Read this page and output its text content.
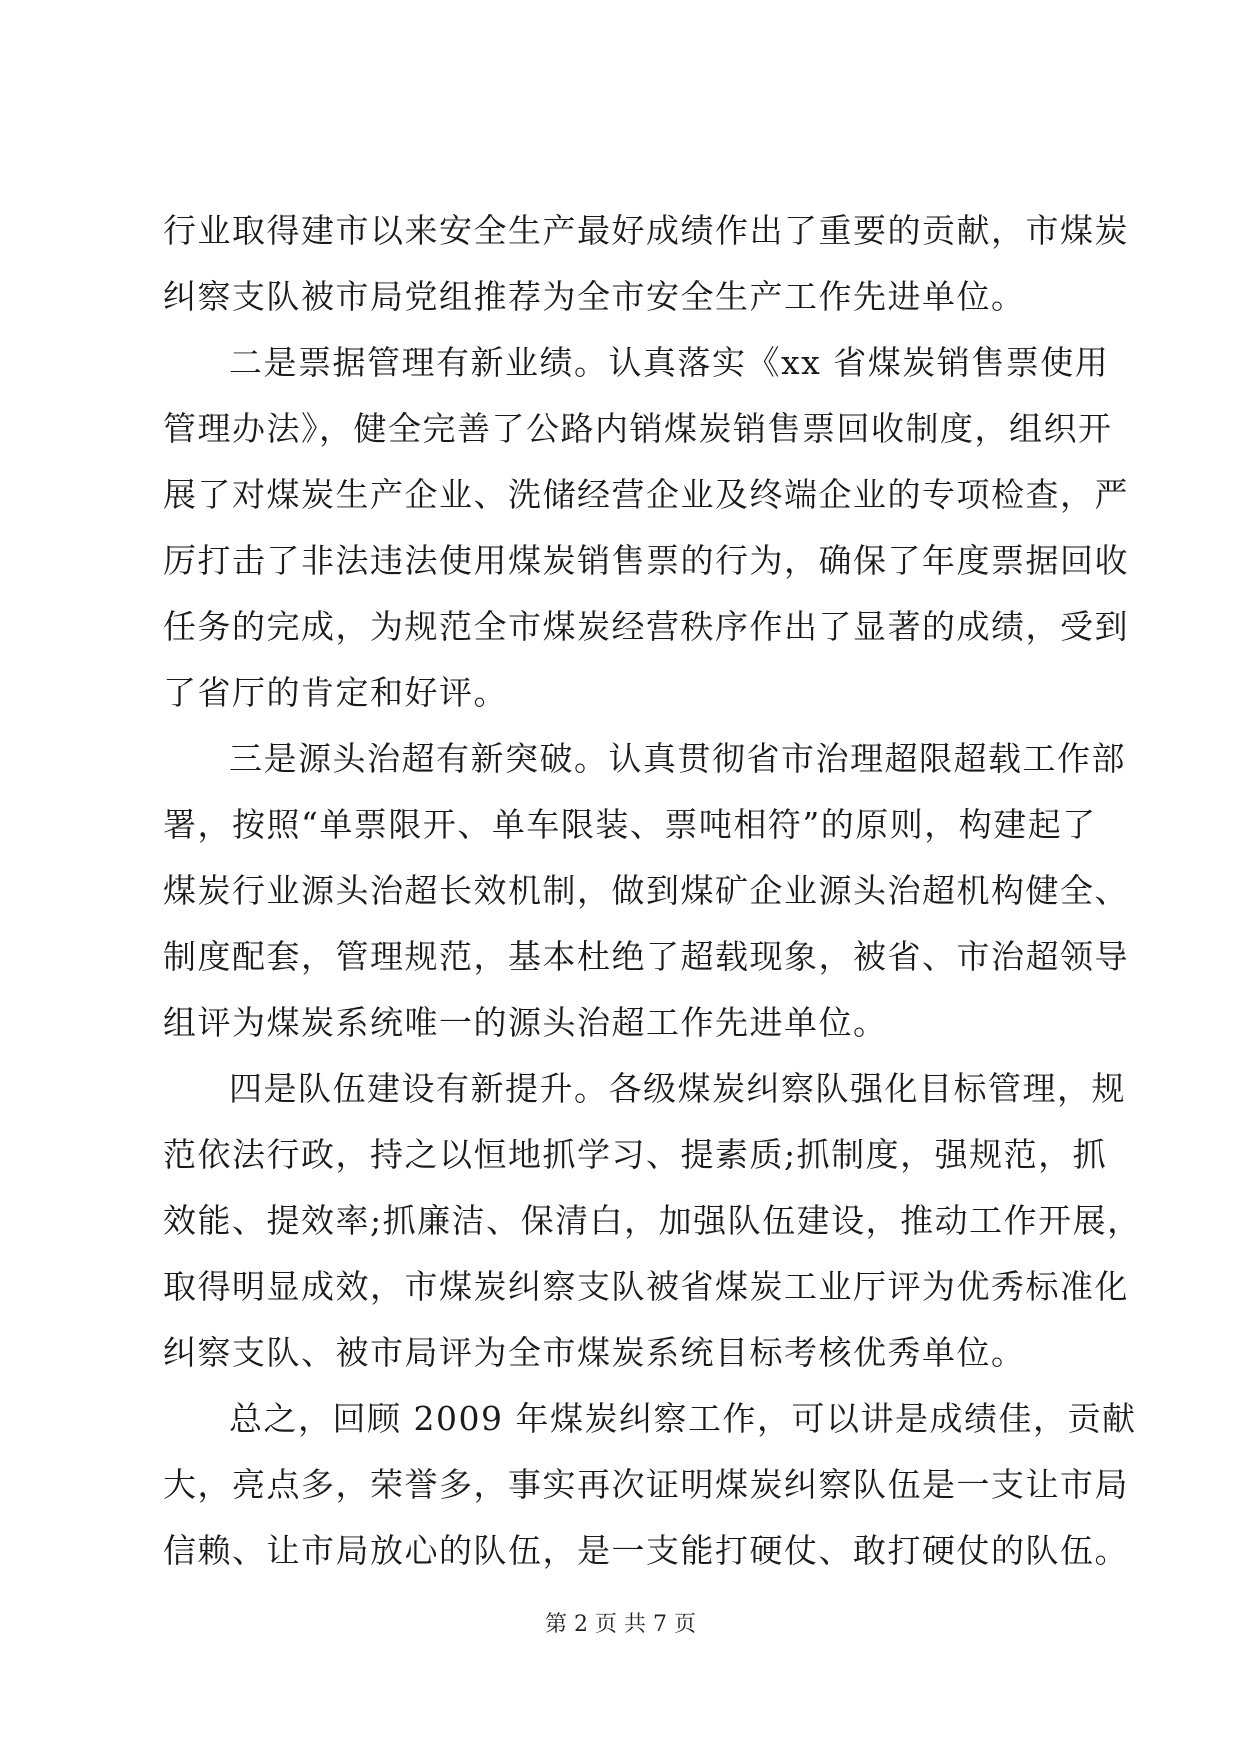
行业取得建市以来安全生产最好成绩作出了重要的贡献，市煤炭
纠察支队被市局党组推荐为全市安全生产工作先进单位。
二是票据管理有新业绩。认真落实《xx 省煤炭销售票使用
管理办法》，健全完善了公路内销煤炭销售票回收制度，组织开
展了对煤炭生产企业、洗储经营企业及终端企业的专项检查，严
厉打击了非法违法使用煤炭销售票的行为，确保了年度票据回收
任务的完成，为规范全市煤炭经营秩序作出了显著的成绩，受到
了省厅的肯定和好评。
三是源头治超有新突破。认真贯彻省市治理超限超载工作部
署，按照“单票限开、单车限装、票吨相符”的原则，构建起了
煤炭行业源头治超长效机制，做到煤矿企业源头治超机构健全、
制度配套，管理规范，基本杜绝了超载现象，被省、市治超领导
组评为煤炭系统唯一的源头治超工作先进单位。
四是队伍建设有新提升。各级煤炭纠察队强化目标管理，规
范依法行政，持之以恒地抓学习、提素质;抓制度，强规范，抓
效能、提效率;抓廉洁、保清白，加强队伍建设，推动工作开展，
取得明显成效，市煤炭纠察支队被省煤炭工业厅评为优秀标准化
纠察支队、被市局评为全市煤炭系统目标考核优秀单位。
总之，回顾 2009 年煤炭纠察工作，可以讲是成绩佳，贡献
大，亮点多，荣誉多，事实再次证明煤炭纠察队伍是一支让市局
信赖、让市局放心的队伍，是一支能打硬仗、敢打硬仗的队伍。
第 2 页 共 7 页
